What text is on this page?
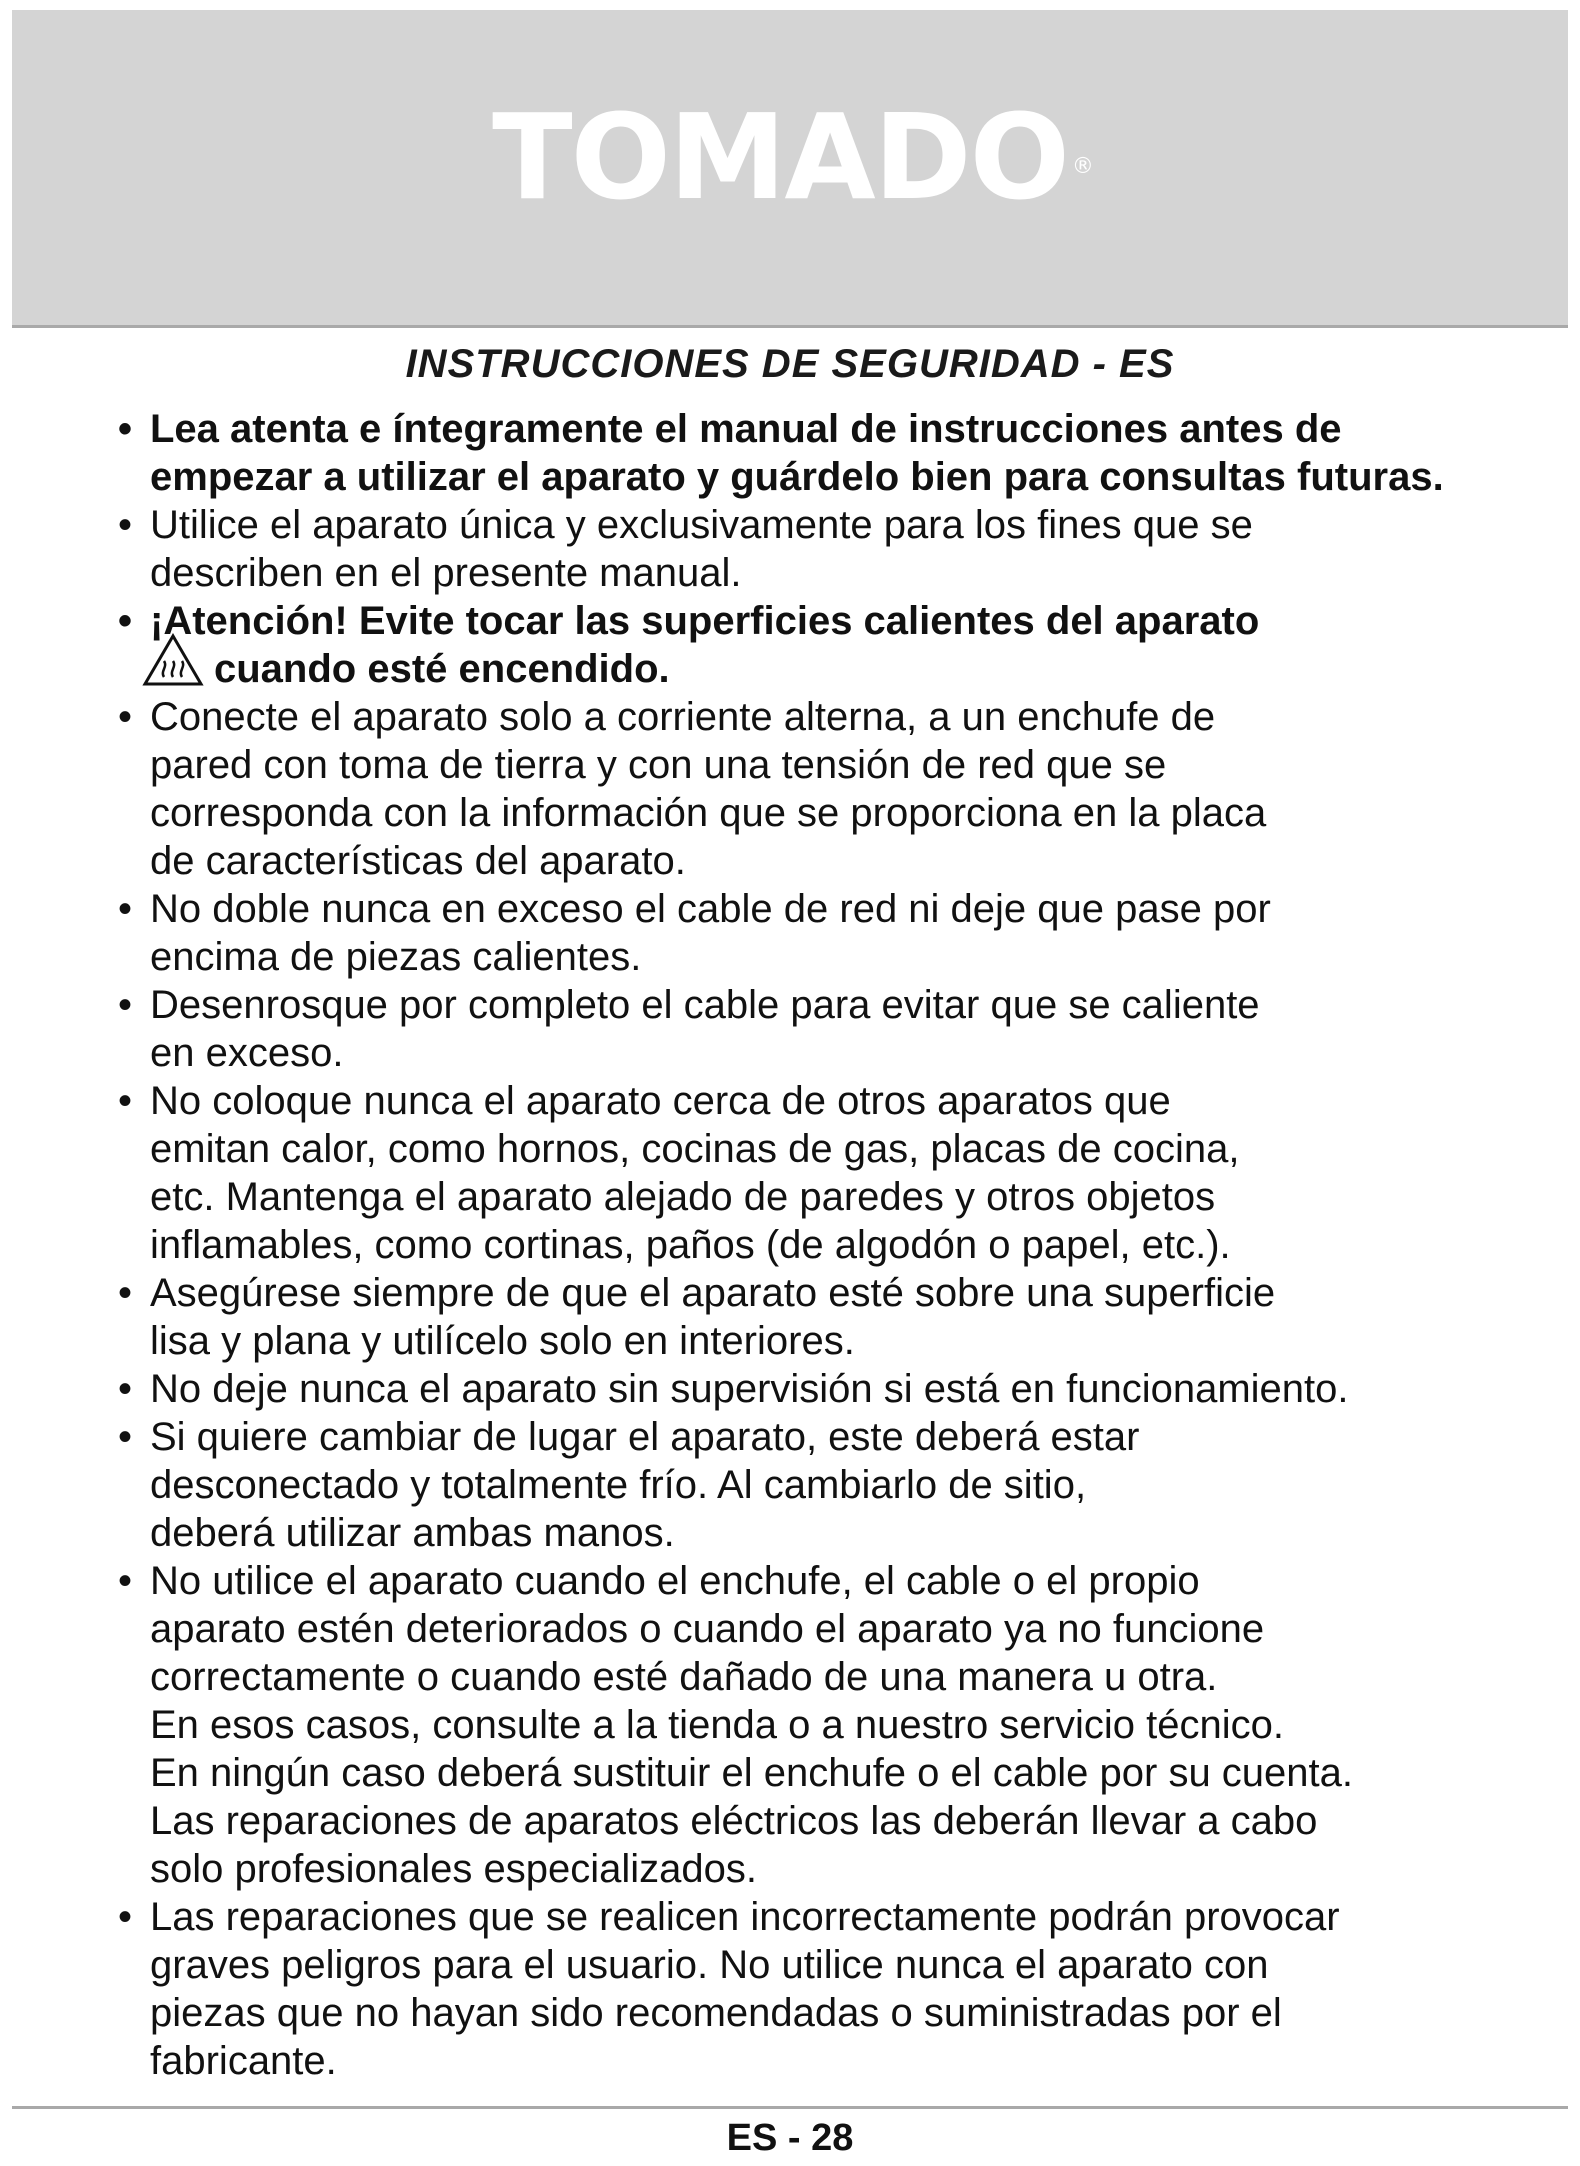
TOMADO ®
INSTRUCCIONES DE SEGURIDAD - ES
• Lea atenta e íntegramente el manual de instrucciones antes de
empezar a utilizar el aparato y guárdelo bien para consultas futuras.
• Utilice el aparato única y exclusivamente para los fines que se
describen en el presente manual.
• ¡Atención! Evite tocar las superficies calientes del aparato
cuando esté encendido.
• Conecte el aparato solo a corriente alterna, a un enchufe de
pared con toma de tierra y con una tensión de red que se
corresponda con la información que se proporciona en la placa
de características del aparato.
• No doble nunca en exceso el cable de red ni deje que pase por
encima de piezas calientes.
• Desenrosque por completo el cable para evitar que se caliente
en exceso.
• No coloque nunca el aparato cerca de otros aparatos que
emitan calor, como hornos, cocinas de gas, placas de cocina,
etc. Mantenga el aparato alejado de paredes y otros objetos
inflamables, como cortinas, paños (de algodón o papel, etc.).
• Asegúrese siempre de que el aparato esté sobre una superficie
lisa y plana y utilícelo solo en interiores.
• No deje nunca el aparato sin supervisión si está en funcionamiento.
• Si quiere cambiar de lugar el aparato, este deberá estar
desconectado y totalmente frío. Al cambiarlo de sitio,
deberá utilizar ambas manos.
• No utilice el aparato cuando el enchufe, el cable o el propio
aparato estén deteriorados o cuando el aparato ya no funcione
correctamente o cuando esté dañado de una manera u otra.
En esos casos, consulte a la tienda o a nuestro servicio técnico.
En ningún caso deberá sustituir el enchufe o el cable por su cuenta.
Las reparaciones de aparatos eléctricos las deberán llevar a cabo
solo profesionales especializados.
• Las reparaciones que se realicen incorrectamente podrán provocar
graves peligros para el usuario. No utilice nunca el aparato con
piezas que no hayan sido recomendadas o suministradas por el
fabricante.
ES - 28
